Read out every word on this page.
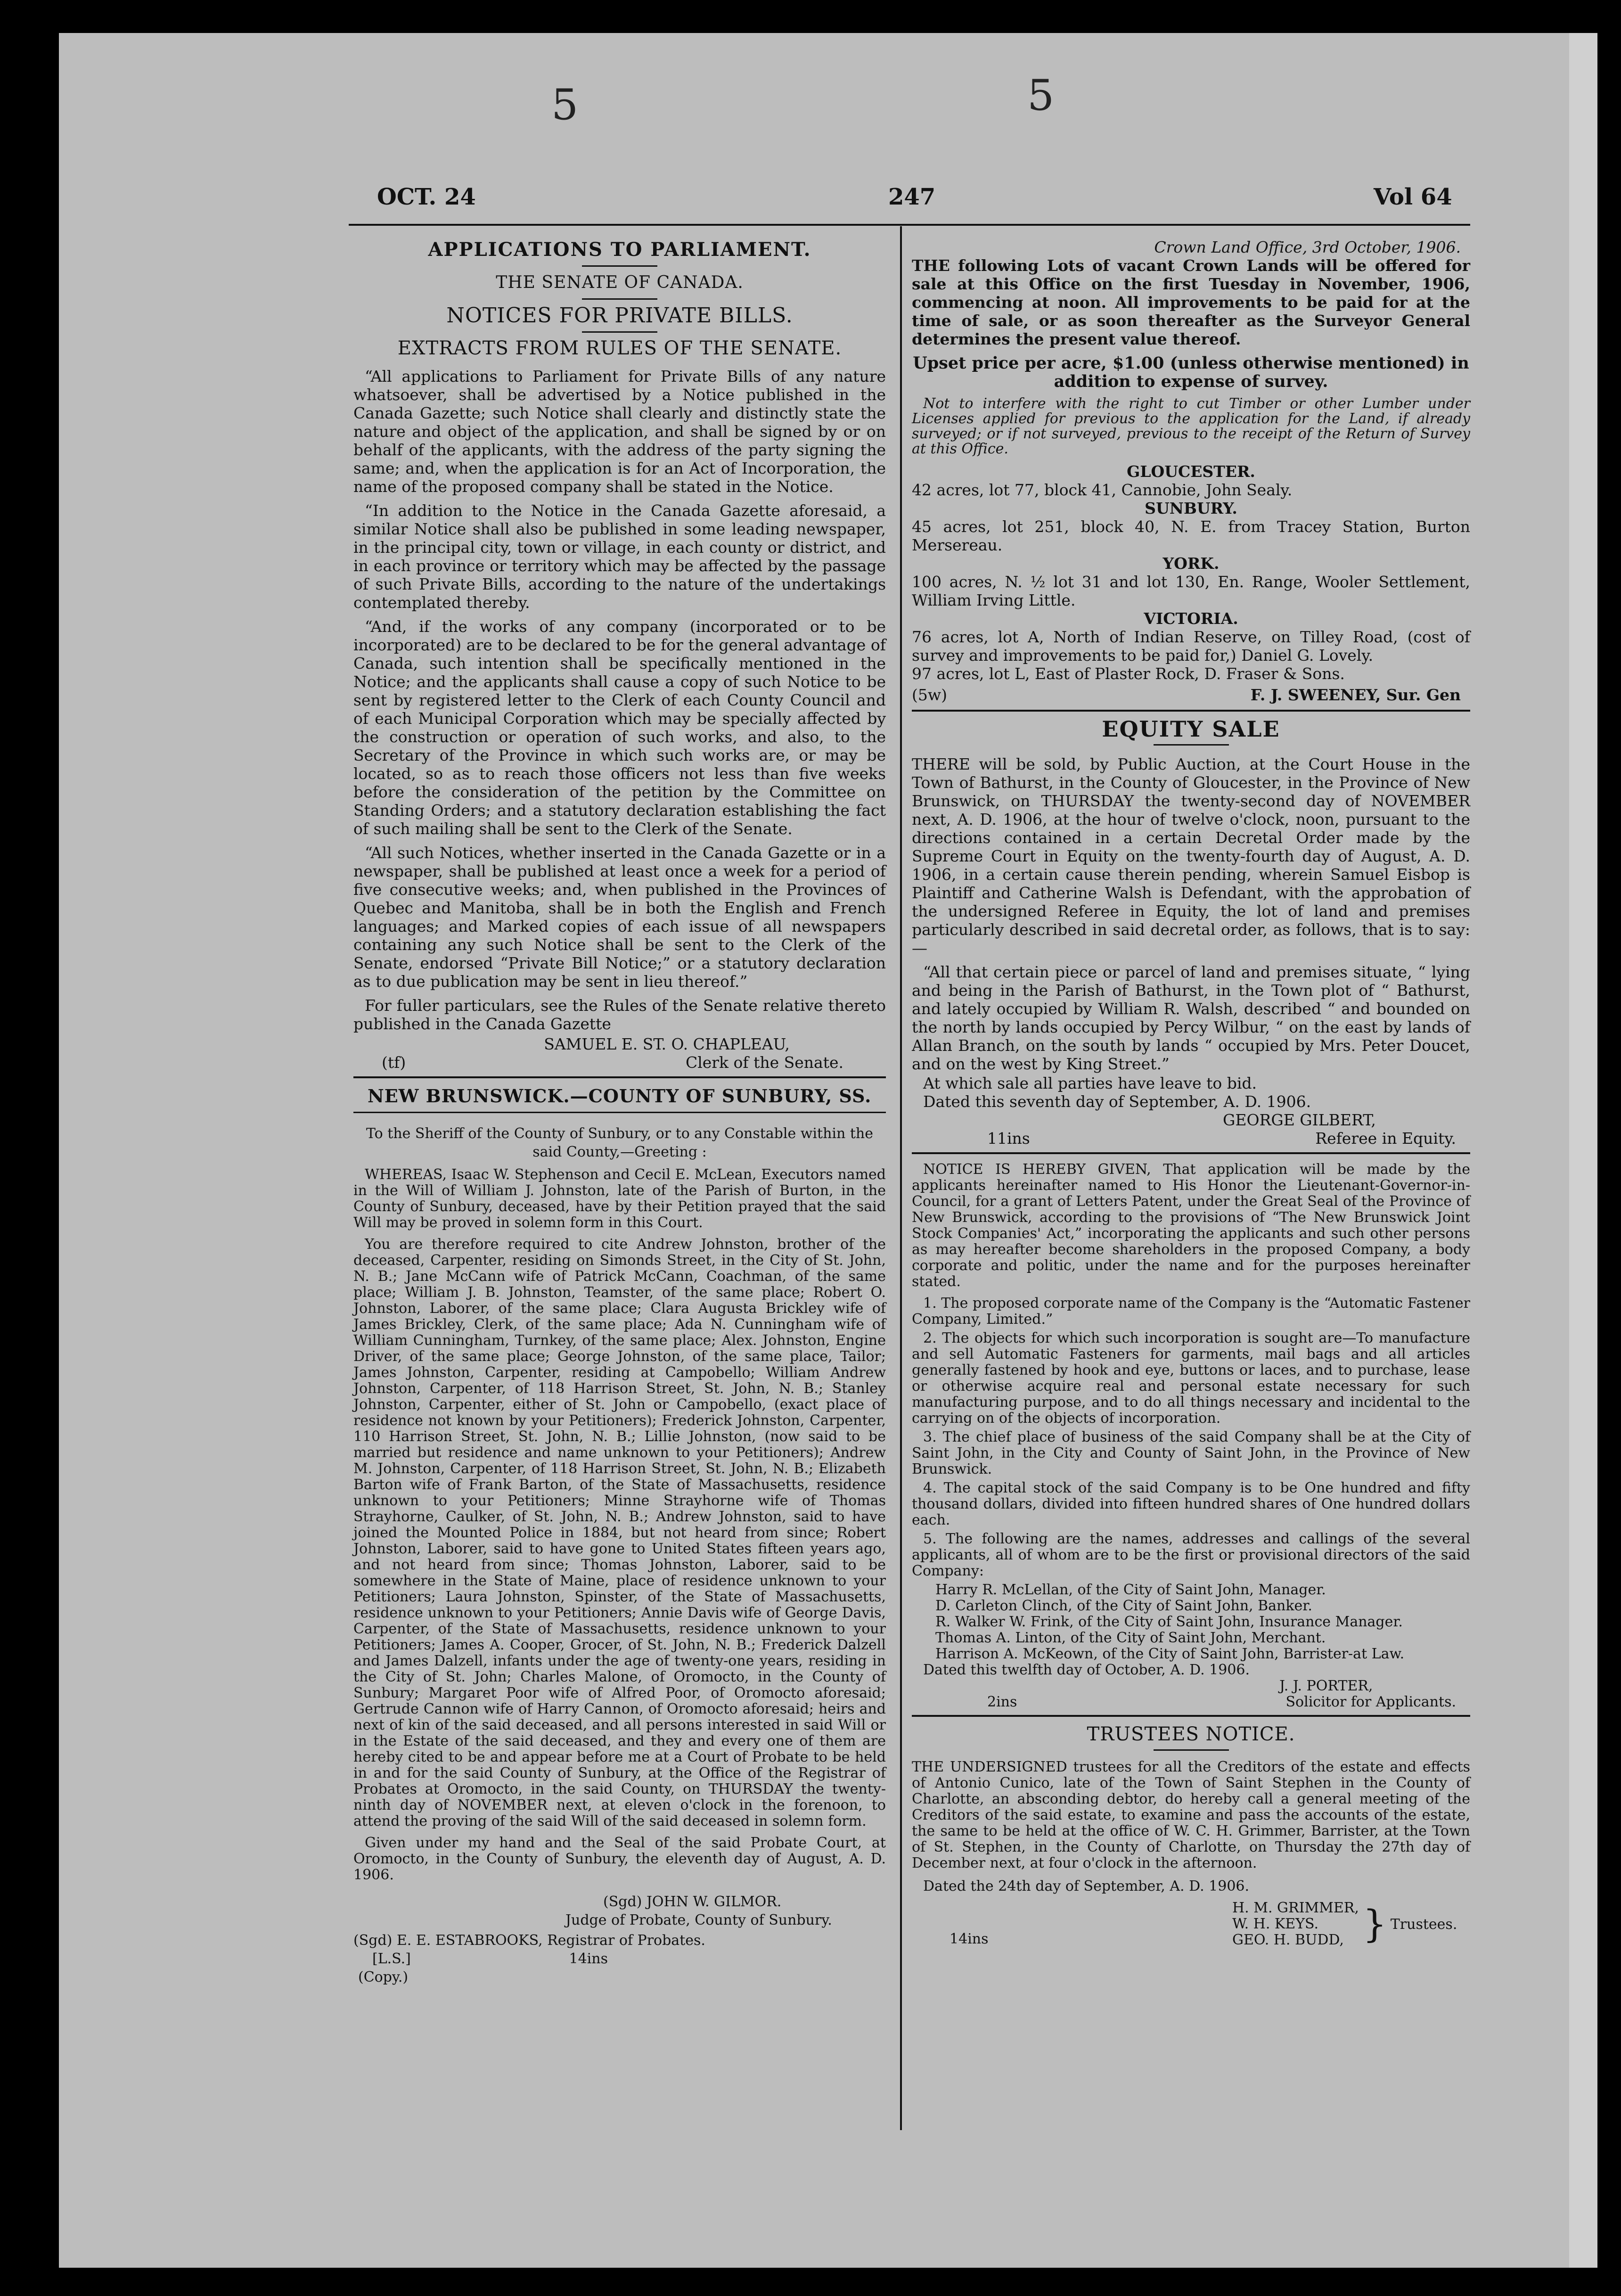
5	5
OCT. 24	247	Vol 64
APPLICATIONS TO PARLIAMENT.
THE SENATE OF CANADA.
NOTICES FOR PRIVATE BILLS.
EXTRACTS FROM RULES OF THE SENATE.

“All applications to Parliament for Private Bills of any nature whatsoever, shall be advertised by a Notice published in the Canada Gazette; such Notice shall clearly and distinctly state the nature and object of the application, and shall be signed by or on behalf of the applicants, with the address of the party signing the same; and, when the application is for an Act of Incorporation, the name of the proposed company shall be stated in the Notice.

“In addition to the Notice in the Canada Gazette aforesaid, a similar Notice shall also be published in some leading newspaper, in the principal city, town or village, in each county or district, and in each province or territory which may be affected by the passage of such Private Bills, according to the nature of the undertakings contemplated thereby.

“And, if the works of any company (incorporated or to be incorporated) are to be declared to be for the general advantage of Canada, such intention shall be specifically mentioned in the Notice; and the applicants shall cause a copy of such Notice to be sent by registered letter to the Clerk of each County Council and of each Municipal Corporation which may be specially affected by the construction or operation of such works, and also, to the Secretary of the Province in which such works are, or may be located, so as to reach those officers not less than five weeks before the consideration of the petition by the Committee on Standing Orders; and a statutory declaration establishing the fact of such mailing shall be sent to the Clerk of the Senate.

“All such Notices, whether inserted in the Canada Gazette or in a newspaper, shall be published at least once a week for a period of five consecutive weeks; and, when published in the Provinces of Quebec and Manitoba, shall be in both the English and French languages; and Marked copies of each issue of all newspapers containing any such Notice shall be sent to the Clerk of the Senate, endorsed “Private Bill Notice;” or a statutory declaration as to due publication may be sent in lieu thereof.”

For fuller particulars, see the Rules of the Senate relative thereto published in the Canada Gazette

SAMUEL E. ST. O. CHAPLEAU,
(tf)	Clerk of the Senate.
NEW BRUNSWICK.—COUNTY OF SUNBURY, SS.

To the Sheriff of the County of Sunbury, or to any Constable within the said County,—Greeting :

WHEREAS, Isaac W. Stephenson and Cecil E. McLean, Executors named in the Will of William J. Johnston, late of the Parish of Burton, in the County of Sunbury, deceased, have by their Petition prayed that the said Will may be proved in solemn form in this Court.

You are therefore required to cite Andrew Johnston, brother of the deceased, Carpenter, residing on Simonds Street, in the City of St. John, N. B.; Jane McCann wife of Patrick McCann, Coachman, of the same place; William J. B. Johnston, Teamster, of the same place; Robert O. Johnston, Laborer, of the same place; Clara Augusta Brickley wife of James Brickley, Clerk, of the same place; Ada N. Cunningham wife of William Cunningham, Turnkey, of the same place; Alex. Johnston, Engine Driver, of the same place; George Johnston, of the same place, Tailor; James Johnston, Carpenter, residing at Campobello; William Andrew Johnston, Carpenter, of 118 Harrison Street, St. John, N. B.; Stanley Johnston, Carpenter, either of St. John or Campobello, (exact place of residence not known by your Petitioners); Frederick Johnston, Carpenter, 110 Harrison Street, St. John, N. B.; Lillie Johnston, (now said to be married but residence and name unknown to your Petitioners); Andrew M. Johnston, Carpenter, of 118 Harrison Street, St. John, N. B.; Elizabeth Barton wife of Frank Barton, of the State of Massachusetts, residence unknown to your Petitioners; Minne Strayhorne wife of Thomas Strayhorne, Caulker, of St. John, N. B.; Andrew Johnston, said to have joined the Mounted Police in 1884, but not heard from since; Robert Johnston, Laborer, said to have gone to United States fifteen years ago, and not heard from since; Thomas Johnston, Laborer, said to be somewhere in the State of Maine, place of residence unknown to your Petitioners; Laura Johnston, Spinster, of the State of Massachusetts, residence unknown to your Petitioners; Annie Davis wife of George Davis, Carpenter, of the State of Massachusetts, residence unknown to your Petitioners; James A. Cooper, Grocer, of St. John, N. B.; Frederick Dalzell and James Dalzell, infants under the age of twenty-one years, residing in the City of St. John; Charles Malone, of Oromocto, in the County of Sunbury; Margaret Poor wife of Alfred Poor, of Oromocto aforesaid; Gertrude Cannon wife of Harry Cannon, of Oromocto aforesaid; heirs and next of kin of the said deceased, and all persons interested in said Will or in the Estate of the said deceased, and they and every one of them are hereby cited to be and appear before me at a Court of Probate to be held in and for the said County of Sunbury, at the Office of the Registrar of Probates at Oromocto, in the said County, on THURSDAY the twenty-ninth day of NOVEMBER next, at eleven o'clock in the forenoon, to attend the proving of the said Will of the said deceased in solemn form.

Given under my hand and the Seal of the said Probate Court, at Oromocto, in the County of Sunbury, the eleventh day of August, A. D. 1906.

(Sgd) JOHN W. GILMOR.
Judge of Probate, County of Sunbury.
(Sgd) E. E. ESTABROOKS, Registrar of Probates.
[L.S.]	14ins
(Copy.)
Crown Land Office, 3rd October, 1906.

THE following Lots of vacant Crown Lands will be offered for sale at this Office on the first Tuesday in November, 1906, commencing at noon. All improvements to be paid for at the time of sale, or as soon thereafter as the Surveyor General determines the present value thereof.

Upset price per acre, $1.00 (unless otherwise mentioned) in addition to expense of survey.

Not to interfere with the right to cut Timber or other Lumber under Licenses applied for previous to the application for the Land, if already surveyed; or if not surveyed, previous to the receipt of the Return of Survey at this Office.

GLOUCESTER.
42 acres, lot 77, block 41, Cannobie, John Sealy.
SUNBURY.
45 acres, lot 251, block 40, N. E. from Tracey Station, Burton Mersereau.
YORK.
100 acres, N. ½ lot 31 and lot 130, En. Range, Wooler Settlement, William Irving Little.
VICTORIA.
76 acres, lot A, North of Indian Reserve, on Tilley Road, (cost of survey and improvements to be paid for,) Daniel G. Lovely.
97 acres, lot L, East of Plaster Rock, D. Fraser & Sons.
(5w)	F. J. SWEENEY, Sur. Gen
EQUITY SALE

THERE will be sold, by Public Auction, at the Court House in the Town of Bathurst, in the County of Gloucester, in the Province of New Brunswick, on THURSDAY the twenty-second day of NOVEMBER next, A. D. 1906, at the hour of twelve o'clock, noon, pursuant to the directions contained in a certain Decretal Order made by the Supreme Court in Equity on the twenty-fourth day of August, A. D. 1906, in a certain cause therein pending, wherein Samuel Eisbop is Plaintiff and Catherine Walsh is Defendant, with the approbation of the undersigned Referee in Equity, the lot of land and premises particularly described in said decretal order, as follows, that is to say:—

“All that certain piece or parcel of land and premises situate, “ lying and being in the Parish of Bathurst, in the Town plot of “ Bathurst, and lately occupied by William R. Walsh, described “ and bounded on the north by lands occupied by Percy Wilbur, “ on the east by lands of Allan Branch, on the south by lands “ occupied by Mrs. Peter Doucet, and on the west by King Street.”

At which sale all parties have leave to bid.
Dated this seventh day of September, A. D. 1906.
GEORGE GILBERT,
11ins	Referee in Equity.

NOTICE IS HEREBY GIVEN, That application will be made by the applicants hereinafter named to His Honor the Lieutenant-Governor-in-Council, for a grant of Letters Patent, under the Great Seal of the Province of New Brunswick, according to the provisions of “The New Brunswick Joint Stock Companies' Act,” incorporating the applicants and such other persons as may hereafter become shareholders in the proposed Company, a body corporate and politic, under the name and for the purposes hereinafter stated.

1. The proposed corporate name of the Company is the “Automatic Fastener Company, Limited.”

2. The objects for which such incorporation is sought are—To manufacture and sell Automatic Fasteners for garments, mail bags and all articles generally fastened by hook and eye, buttons or laces, and to purchase, lease or otherwise acquire real and personal estate necessary for such manufacturing purpose, and to do all things necessary and incidental to the carrying on of the objects of incorporation.

3. The chief place of business of the said Company shall be at the City of Saint John, in the City and County of Saint John, in the Province of New Brunswick.

4. The capital stock of the said Company is to be One hundred and fifty thousand dollars, divided into fifteen hundred shares of One hundred dollars each.

5. The following are the names, addresses and callings of the several applicants, all of whom are to be the first or provisional directors of the said Company:

Harry R. McLellan, of the City of Saint John, Manager.
D. Carleton Clinch, of the City of Saint John, Banker.
R. Walker W. Frink, of the City of Saint John, Insurance Manager.
Thomas A. Linton, of the City of Saint John, Merchant.
Harrison A. McKeown, of the City of Saint John, Barrister-at Law.
Dated this twelfth day of October, A. D. 1906.
J. J. PORTER,
2ins	Solicitor for Applicants.
TRUSTEES NOTICE.

THE UNDERSIGNED trustees for all the Creditors of the estate and effects of Antonio Cunico, late of the Town of Saint Stephen in the County of Charlotte, an absconding debtor, do hereby call a general meeting of the Creditors of the said estate, to examine and pass the accounts of the estate, the same to be held at the office of W. C. H. Grimmer, Barrister, at the Town of St. Stephen, in the County of Charlotte, on Thursday the 27th day of December next, at four o'clock in the afternoon.

Dated the 24th day of September, A. D. 1906.
14ins
H. M. GRIMMER,
W. H. KEYS.
GEO. H. BUDD, } Trustees.
